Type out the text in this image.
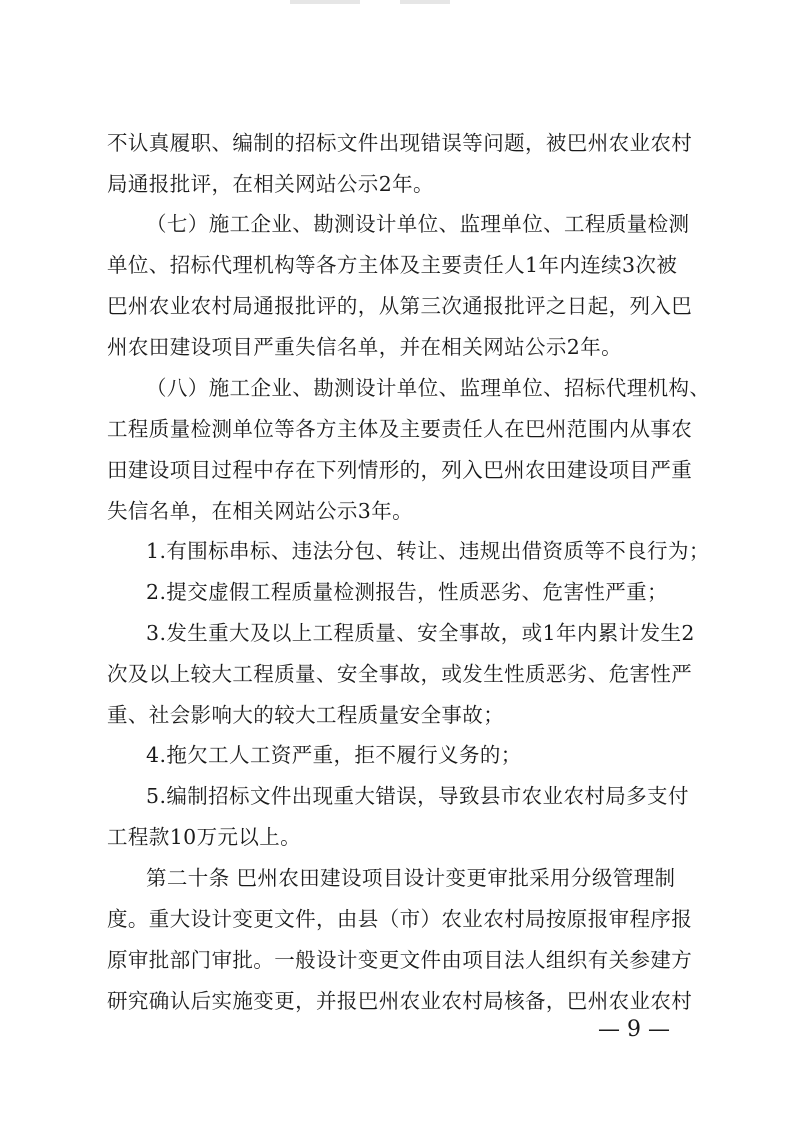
不认真履职、编制的招标文件出现错误等问题，被巴州农业农村
局通报批评，在相关网站公示2年。
（七）施工企业、勘测设计单位、监理单位、工程质量检测
单位、招标代理机构等各方主体及主要责任人1年内连续3次被
巴州农业农村局通报批评的，从第三次通报批评之日起，列入巴
州农田建设项目严重失信名单，并在相关网站公示2年。
（八）施工企业、勘测设计单位、监理单位、招标代理机构、
工程质量检测单位等各方主体及主要责任人在巴州范围内从事农
田建设项目过程中存在下列情形的，列入巴州农田建设项目严重
失信名单，在相关网站公示3年。
1.有围标串标、违法分包、转让、违规出借资质等不良行为；
2.提交虚假工程质量检测报告，性质恶劣、危害性严重；
3.发生重大及以上工程质量、安全事故，或1年内累计发生2
次及以上较大工程质量、安全事故，或发生性质恶劣、危害性严
重、社会影响大的较大工程质量安全事故；
4.拖欠工人工资严重，拒不履行义务的；
5.编制招标文件出现重大错误，导致县市农业农村局多支付
工程款10万元以上。
第二十条 巴州农田建设项目设计变更审批采用分级管理制
度。重大设计变更文件，由县（市）农业农村局按原报审程序报
原审批部门审批。一般设计变更文件由项目法人组织有关参建方
研究确认后实施变更，并报巴州农业农村局核备，巴州农业农村
— 9 —
